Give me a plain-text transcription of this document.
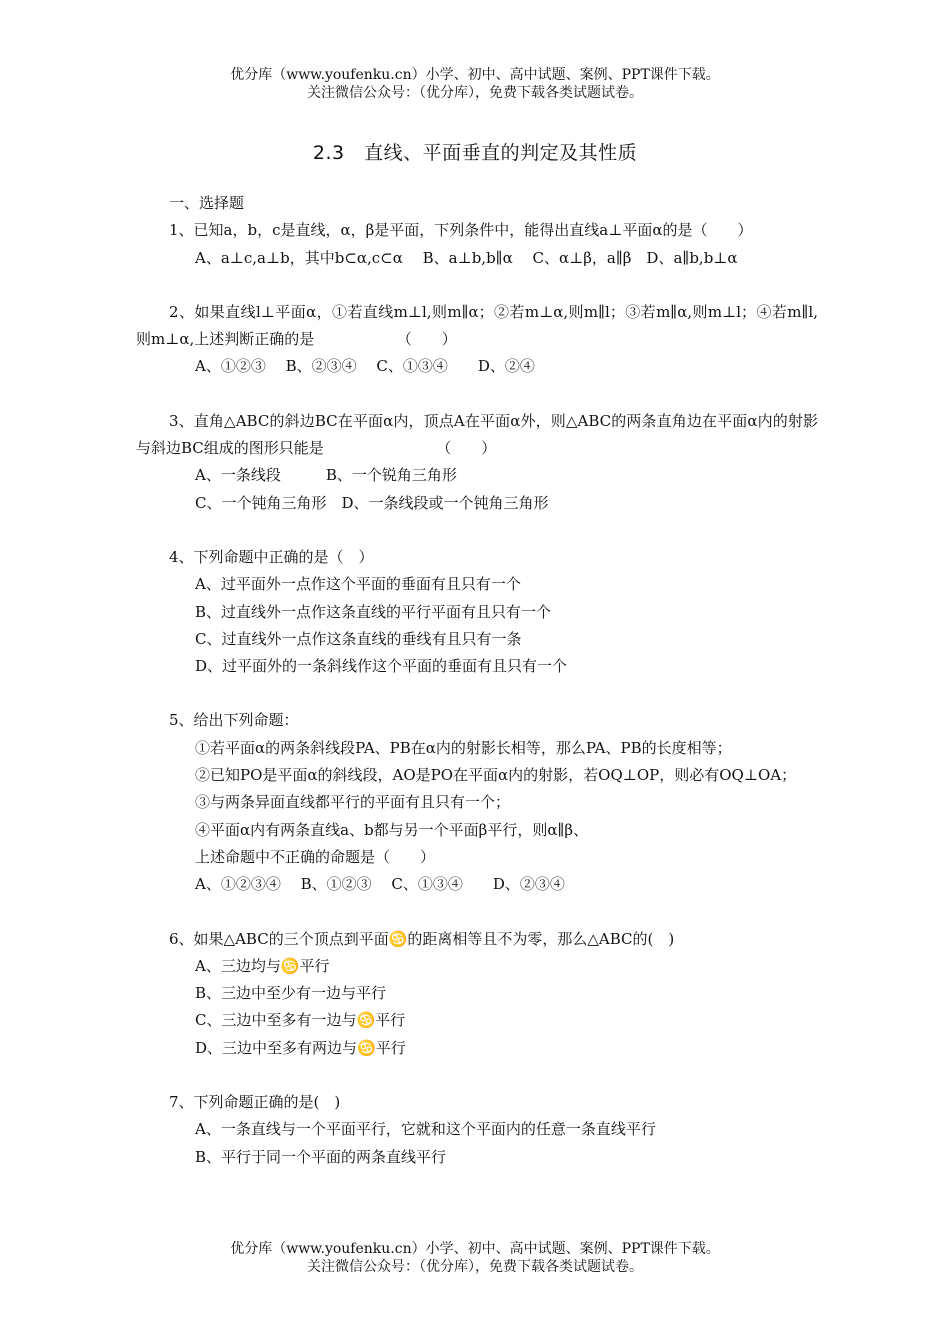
优分库（www.youfenku.cn）小学、初中、高中试题、案例、PPT课件下载。
关注微信公众号：（优分库），免费下载各类试题试卷。
2.3　直线、平面垂直的判定及其性质
一、选择题
1、已知a，b，c是直线，α，β是平面，下列条件中，能得出直线a⊥平面α的是（　　）
A、a⊥c,a⊥b，其中b⊂α,c⊂α　 B、a⊥b,b∥α　 C、α⊥β，a∥β　D、a∥b,b⊥α
2、如果直线l⊥平面α，①若直线m⊥l,则m∥α；②若m⊥α,则m∥l；③若m∥α,则m⊥l；④若m∥l,则m⊥α,上述判断正确的是　　　　　　（　　）
A、①②③　 B、②③④　 C、①③④　　D、②④
3、直角△ABC的斜边BC在平面α内，顶点A在平面α外，则△ABC的两条直角边在平面α内的射影与斜边BC组成的图形只能是　　　　　　　　（　　）
A、一条线段　　　B、一个锐角三角形
C、一个钝角三角形　D、一条线段或一个钝角三角形
4、下列命题中正确的是（　）
A、过平面外一点作这个平面的垂面有且只有一个
B、过直线外一点作这条直线的平行平面有且只有一个
C、过直线外一点作这条直线的垂线有且只有一条
D、过平面外的一条斜线作这个平面的垂面有且只有一个
5、给出下列命题：
①若平面α的两条斜线段PA、PB在α内的射影长相等，那么PA、PB的长度相等；
②已知PO是平面α的斜线段，AO是PO在平面α内的射影，若OQ⊥OP，则必有OQ⊥OA；
③与两条异面直线都平行的平面有且只有一个；
④平面α内有两条直线a、b都与另一个平面β平行，则α∥β、
上述命题中不正确的命题是（　　）
A、①②③④　 B、①②③　 C、①③④　　D、②③④
6、如果△ABC的三个顶点到平面♋的距离相等且不为零，那么△ABC的(　)
A、三边均与♋平行
B、三边中至少有一边与平行
C、三边中至多有一边与♋平行
D、三边中至多有两边与♋平行
7、下列命题正确的是(　)
A、一条直线与一个平面平行，它就和这个平面内的任意一条直线平行
B、平行于同一个平面的两条直线平行
优分库（www.youfenku.cn）小学、初中、高中试题、案例、PPT课件下载。
关注微信公众号：（优分库），免费下载各类试题试卷。
